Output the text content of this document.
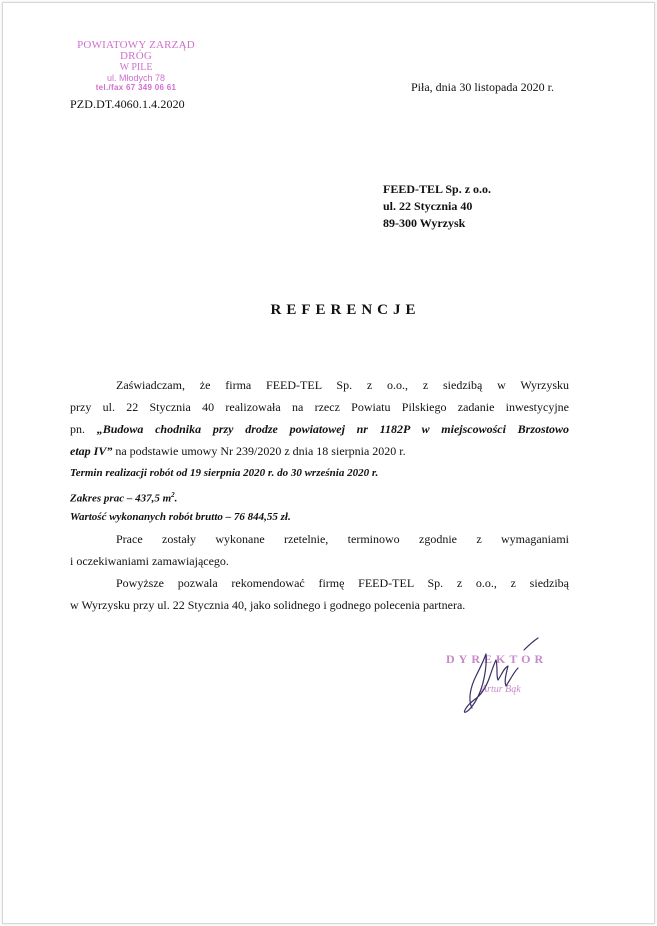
POWIATOWY ZARZĄD DRÓG
W PILE
ul. Młodych 78
tel./fax 67 349 06 61
PZD.DT.4060.1.4.2020
Piła, dnia 30 listopada 2020 r.
FEED-TEL Sp. z o.o.
ul. 22 Stycznia 40
89-300 Wyrzysk
REFERENCJE
Zaświadczam, że firma FEED-TEL Sp. z o.o., z siedzibą w Wyrzysku
przy ul. 22 Stycznia 40 realizowała na rzecz Powiatu Pilskiego zadanie inwestycyjne
pn. „Budowa chodnika przy drodze powiatowej nr 1182P w miejscowości Brzostowo
etap IV” na podstawie umowy Nr 239/2020 z dnia 18 sierpnia 2020 r.
Termin realizacji robót od 19 sierpnia 2020 r. do 30 września 2020 r.
Zakres prac – 437,5 $m^2$.
Wartość wykonanych robót brutto – 76 844,55 zł.
Prace zostały wykonane rzetelnie, terminowo zgodnie z wymaganiami
i oczekiwaniami zamawiającego.
Powyższe pozwala rekomendować firmę FEED-TEL Sp. z o.o., z siedzibą
w Wyrzysku przy ul. 22 Stycznia 40, jako solidnego i godnego polecenia partnera.
DYREKTOR
Artur Bąk
